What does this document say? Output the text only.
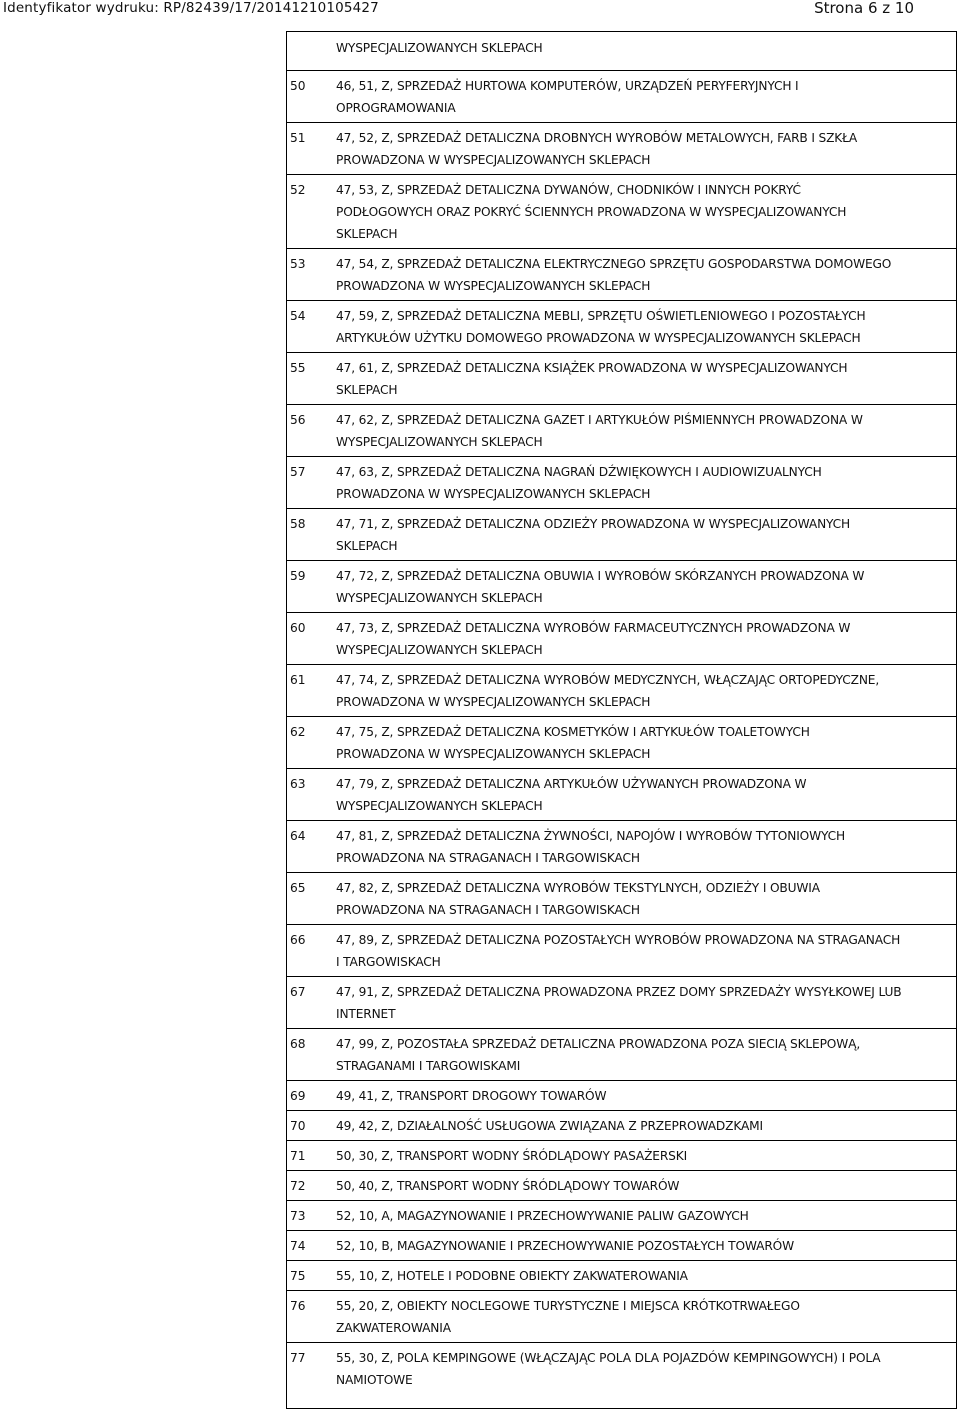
Identyfikator wydruku: RP/82439/17/20141210105427	Strona 6 z 10
WYSPECJALIZOWANYCH SKLEPACH
50	46, 51, Z, SPRZEDAŻ HURTOWA KOMPUTERÓW, URZĄDZEŃ PERYFERYJNYCH I
OPROGRAMOWANIA
51	47, 52, Z, SPRZEDAŻ DETALICZNA DROBNYCH WYROBÓW METALOWYCH, FARB I SZKŁA
PROWADZONA W WYSPECJALIZOWANYCH SKLEPACH
52	47, 53, Z, SPRZEDAŻ DETALICZNA DYWANÓW, CHODNIKÓW I INNYCH POKRYĆ
PODŁOGOWYCH ORAZ POKRYĆ ŚCIENNYCH PROWADZONA W WYSPECJALIZOWANYCH
SKLEPACH
53	47, 54, Z, SPRZEDAŻ DETALICZNA ELEKTRYCZNEGO SPRZĘTU GOSPODARSTWA DOMOWEGO
PROWADZONA W WYSPECJALIZOWANYCH SKLEPACH
54	47, 59, Z, SPRZEDAŻ DETALICZNA MEBLI, SPRZĘTU OŚWIETLENIOWEGO I POZOSTAŁYCH
ARTYKUŁÓW UŻYTKU DOMOWEGO PROWADZONA W WYSPECJALIZOWANYCH SKLEPACH
55	47, 61, Z, SPRZEDAŻ DETALICZNA KSIĄŻEK PROWADZONA W WYSPECJALIZOWANYCH
SKLEPACH
56	47, 62, Z, SPRZEDAŻ DETALICZNA GAZET I ARTYKUŁÓW PIŚMIENNYCH PROWADZONA W
WYSPECJALIZOWANYCH SKLEPACH
57	47, 63, Z, SPRZEDAŻ DETALICZNA NAGRAŃ DŹWIĘKOWYCH I AUDIOWIZUALNYCH
PROWADZONA W WYSPECJALIZOWANYCH SKLEPACH
58	47, 71, Z, SPRZEDAŻ DETALICZNA ODZIEŻY PROWADZONA W WYSPECJALIZOWANYCH
SKLEPACH
59	47, 72, Z, SPRZEDAŻ DETALICZNA OBUWIA I WYROBÓW SKÓRZANYCH PROWADZONA W
WYSPECJALIZOWANYCH SKLEPACH
60	47, 73, Z, SPRZEDAŻ DETALICZNA WYROBÓW FARMACEUTYCZNYCH PROWADZONA W
WYSPECJALIZOWANYCH SKLEPACH
61	47, 74, Z, SPRZEDAŻ DETALICZNA WYROBÓW MEDYCZNYCH, WŁĄCZAJĄC ORTOPEDYCZNE,
PROWADZONA W WYSPECJALIZOWANYCH SKLEPACH
62	47, 75, Z, SPRZEDAŻ DETALICZNA KOSMETYKÓW I ARTYKUŁÓW TOALETOWYCH
PROWADZONA W WYSPECJALIZOWANYCH SKLEPACH
63	47, 79, Z, SPRZEDAŻ DETALICZNA ARTYKUŁÓW UŻYWANYCH PROWADZONA W
WYSPECJALIZOWANYCH SKLEPACH
64	47, 81, Z, SPRZEDAŻ DETALICZNA ŻYWNOŚCI, NAPOJÓW I WYROBÓW TYTONIOWYCH
PROWADZONA NA STRAGANACH I TARGOWISKACH
65	47, 82, Z, SPRZEDAŻ DETALICZNA WYROBÓW TEKSTYLNYCH, ODZIEŻY I OBUWIA
PROWADZONA NA STRAGANACH I TARGOWISKACH
66	47, 89, Z, SPRZEDAŻ DETALICZNA POZOSTAŁYCH WYROBÓW PROWADZONA NA STRAGANACH
I TARGOWISKACH
67	47, 91, Z, SPRZEDAŻ DETALICZNA PROWADZONA PRZEZ DOMY SPRZEDAŻY WYSYŁKOWEJ LUB
INTERNET
68	47, 99, Z, POZOSTAŁA SPRZEDAŻ DETALICZNA PROWADZONA POZA SIECIĄ SKLEPOWĄ,
STRAGANAMI I TARGOWISKAMI
69	49, 41, Z, TRANSPORT DROGOWY TOWARÓW
70	49, 42, Z, DZIAŁALNOŚĆ USŁUGOWA ZWIĄZANA Z PRZEPROWADZKAMI
71	50, 30, Z, TRANSPORT WODNY ŚRÓDLĄDOWY PASAŻERSKI
72	50, 40, Z, TRANSPORT WODNY ŚRÓDLĄDOWY TOWARÓW
73	52, 10, A, MAGAZYNOWANIE I PRZECHOWYWANIE PALIW GAZOWYCH
74	52, 10, B, MAGAZYNOWANIE I PRZECHOWYWANIE POZOSTAŁYCH TOWARÓW
75	55, 10, Z, HOTELE I PODOBNE OBIEKTY ZAKWATEROWANIA
76	55, 20, Z, OBIEKTY NOCLEGOWE TURYSTYCZNE I MIEJSCA KRÓTKOTRWAŁEGO
ZAKWATEROWANIA
77	55, 30, Z, POLA KEMPINGOWE (WŁĄCZAJĄC POLA DLA POJAZDÓW KEMPINGOWYCH) I POLA
NAMIOTOWE
